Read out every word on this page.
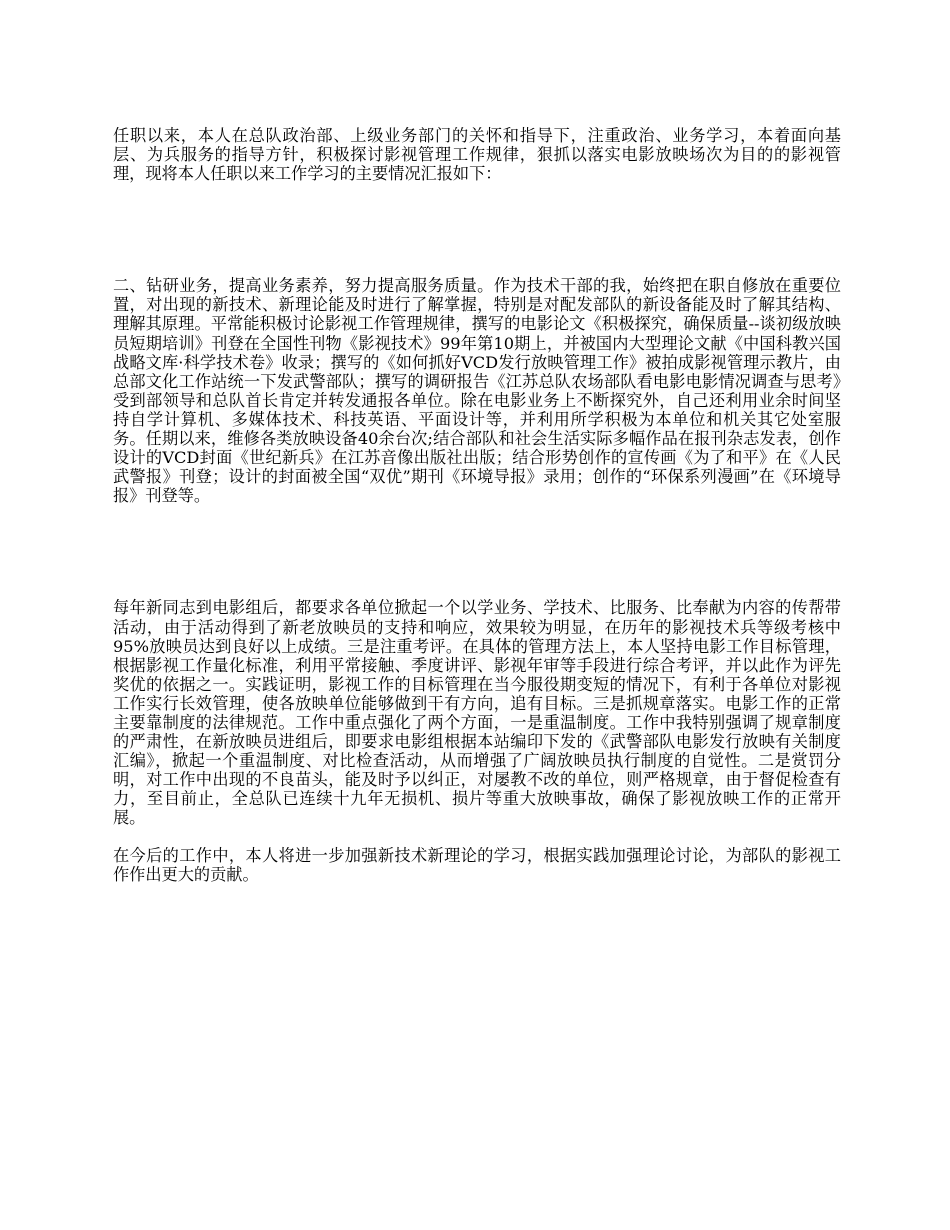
任职以来，本人在总队政治部、上级业务部门的关怀和指导下，注重政治、业务学习，本着面向基层、为兵服务的指导方针，积极探讨影视管理工作规律，狠抓以落实电影放映场次为目的的影视管理，现将本人任职以来工作学习的主要情况汇报如下：

二、钻研业务，提高业务素养，努力提高服务质量。作为技术干部的我，始终把在职自修放在重要位置，对出现的新技术、新理论能及时进行了解掌握，特别是对配发部队的新设备能及时了解其结构、理解其原理。平常能积极讨论影视工作管理规律，撰写的电影论文《积极探究，确保质量--谈初级放映员短期培训》刊登在全国性刊物《影视技术》99年第10期上，并被国内大型理论文献《中国科教兴国战略文库·科学技术卷》收录；撰写的《如何抓好VCD发行放映管理工作》被拍成影视管理示教片，由总部文化工作站统一下发武警部队；撰写的调研报告《江苏总队农场部队看电影电影情况调查与思考》受到部领导和总队首长肯定并转发通报各单位。除在电影业务上不断探究外，自己还利用业余时间坚持自学计算机、多媒体技术、科技英语、平面设计等，并利用所学积极为本单位和机关其它处室服务。任期以来，维修各类放映设备40余台次;结合部队和社会生活实际多幅作品在报刊杂志发表，创作设计的VCD封面《世纪新兵》在江苏音像出版社出版；结合形势创作的宣传画《为了和平》在《人民武警报》刊登；设计的封面被全国“双优”期刊《环境导报》录用；创作的“环保系列漫画”在《环境导报》刊登等。

每年新同志到电影组后，都要求各单位掀起一个以学业务、学技术、比服务、比奉献为内容的传帮带活动，由于活动得到了新老放映员的支持和响应，效果较为明显，在历年的影视技术兵等级考核中95%放映员达到良好以上成绩。三是注重考评。在具体的管理方法上，本人坚持电影工作目标管理，根据影视工作量化标准，利用平常接触、季度讲评、影视年审等手段进行综合考评，并以此作为评先奖优的依据之一。实践证明，影视工作的目标管理在当今服役期变短的情况下，有利于各单位对影视工作实行长效管理，使各放映单位能够做到干有方向，追有目标。三是抓规章落实。电影工作的正常主要靠制度的法律规范。工作中重点强化了两个方面，一是重温制度。工作中我特别强调了规章制度的严肃性，在新放映员进组后，即要求电影组根据本站编印下发的《武警部队电影发行放映有关制度汇编》，掀起一个重温制度、对比检查活动，从而增强了广阔放映员执行制度的自觉性。二是赏罚分明，对工作中出现的不良苗头，能及时予以纠正，对屡教不改的单位，则严格规章，由于督促检查有力，至目前止，全总队已连续十九年无损机、损片等重大放映事故，确保了影视放映工作的正常开展。

在今后的工作中，本人将进一步加强新技术新理论的学习，根据实践加强理论讨论，为部队的影视工作作出更大的贡献。
